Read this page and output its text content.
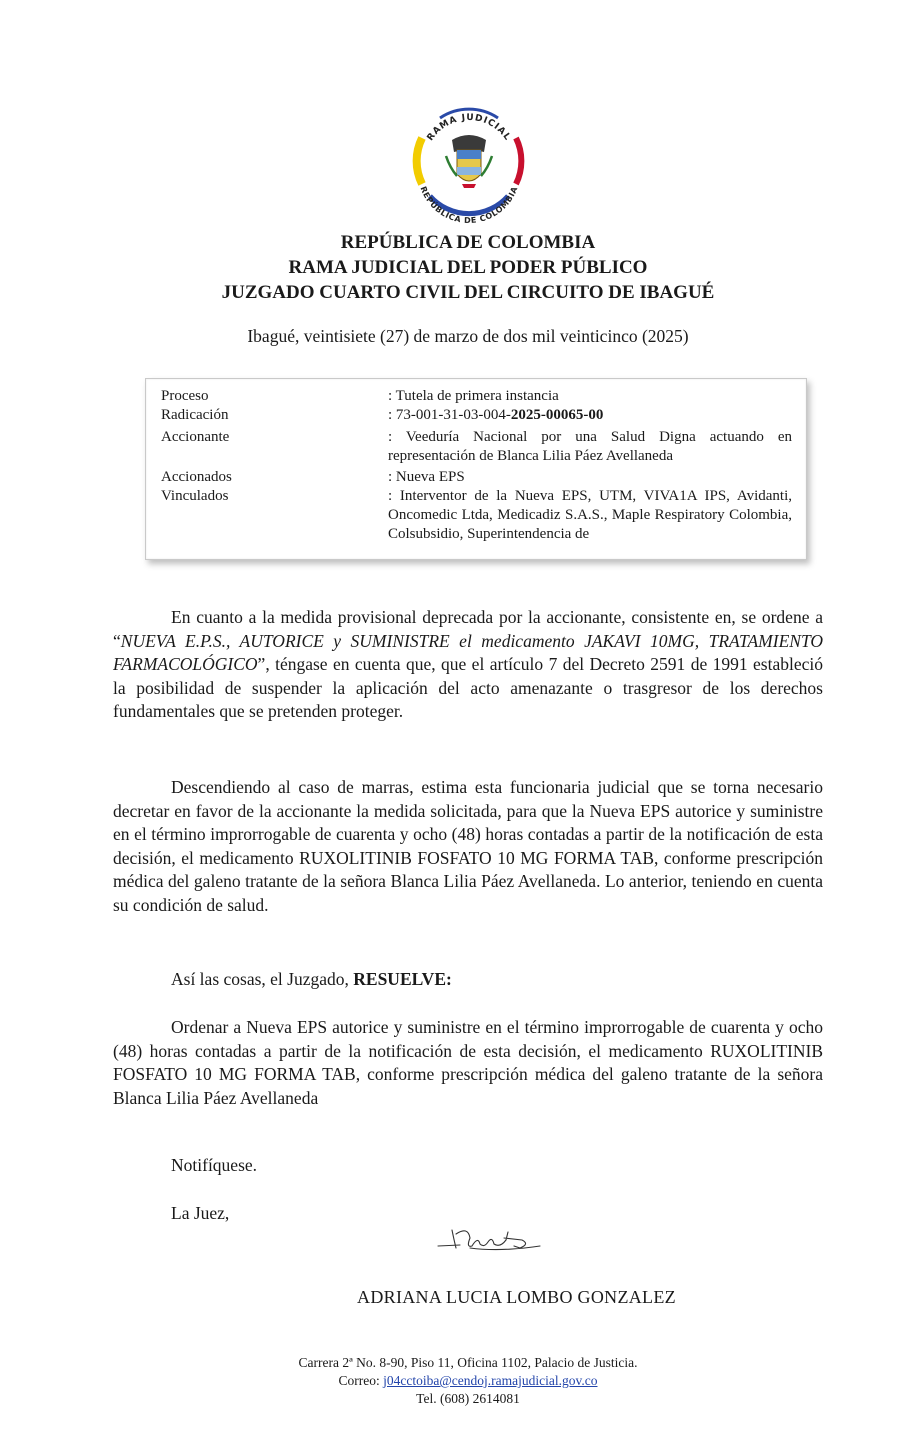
RAMA JUDICIAL
REPÚBLICA DE COLOMBIA
REPÚBLICA DE COLOMBIA
RAMA JUDICIAL DEL PODER PÚBLICO
JUZGADO CUARTO CIVIL DEL CIRCUITO DE IBAGUÉ
Ibagué, veintisiete (27) de marzo de dos mil veinticinco (2025)
Proceso	: Tutela de primera instancia
Radicación	: 73-001-31-03-004-2025-00065-00
Accionante	: Veeduría Nacional por una Salud Digna actuando en representación de Blanca Lilia Páez Avellaneda
Accionados	: Nueva EPS
Vinculados	: Interventor de la Nueva EPS, UTM, VIVA1A IPS, Avidanti, Oncomedic Ltda, Medicadiz S.A.S., Maple Respiratory Colombia, Colsubsidio, Superintendencia de

En cuanto a la medida provisional deprecada por la accionante, consistente en, se ordene a “NUEVA E.P.S., AUTORICE y SUMINISTRE el medicamento JAKAVI 10MG, TRATAMIENTO FARMACOLÓGICO”, téngase en cuenta que, que el artículo 7 del Decreto 2591 de 1991 estableció la posibilidad de suspender la aplicación del acto amenazante o trasgresor de los derechos fundamentales que se pretenden proteger.

Descendiendo al caso de marras, estima esta funcionaria judicial que se torna necesario decretar en favor de la accionante la medida solicitada, para que la Nueva EPS autorice y suministre en el término improrrogable de cuarenta y ocho (48) horas contadas a partir de la notificación de esta decisión, el medicamento RUXOLITINIB FOSFATO 10 MG FORMA TAB, conforme prescripción médica del galeno tratante de la señora Blanca Lilia Páez Avellaneda. Lo anterior, teniendo en cuenta su condición de salud.

Así las cosas, el Juzgado, RESUELVE:

Ordenar a Nueva EPS autorice y suministre en el término improrrogable de cuarenta y ocho (48) horas contadas a partir de la notificación de esta decisión, el medicamento RUXOLITINIB FOSFATO 10 MG FORMA TAB, conforme prescripción médica del galeno tratante de la señora Blanca Lilia Páez Avellaneda

Notifíquese.

La Juez,

ADRIANA LUCIA LOMBO GONZALEZ
Carrera 2ª No. 8-90, Piso 11, Oficina 1102, Palacio de Justicia.
Correo: j04cctoiba@cendoj.ramajudicial.gov.co
Tel. (608) 2614081
